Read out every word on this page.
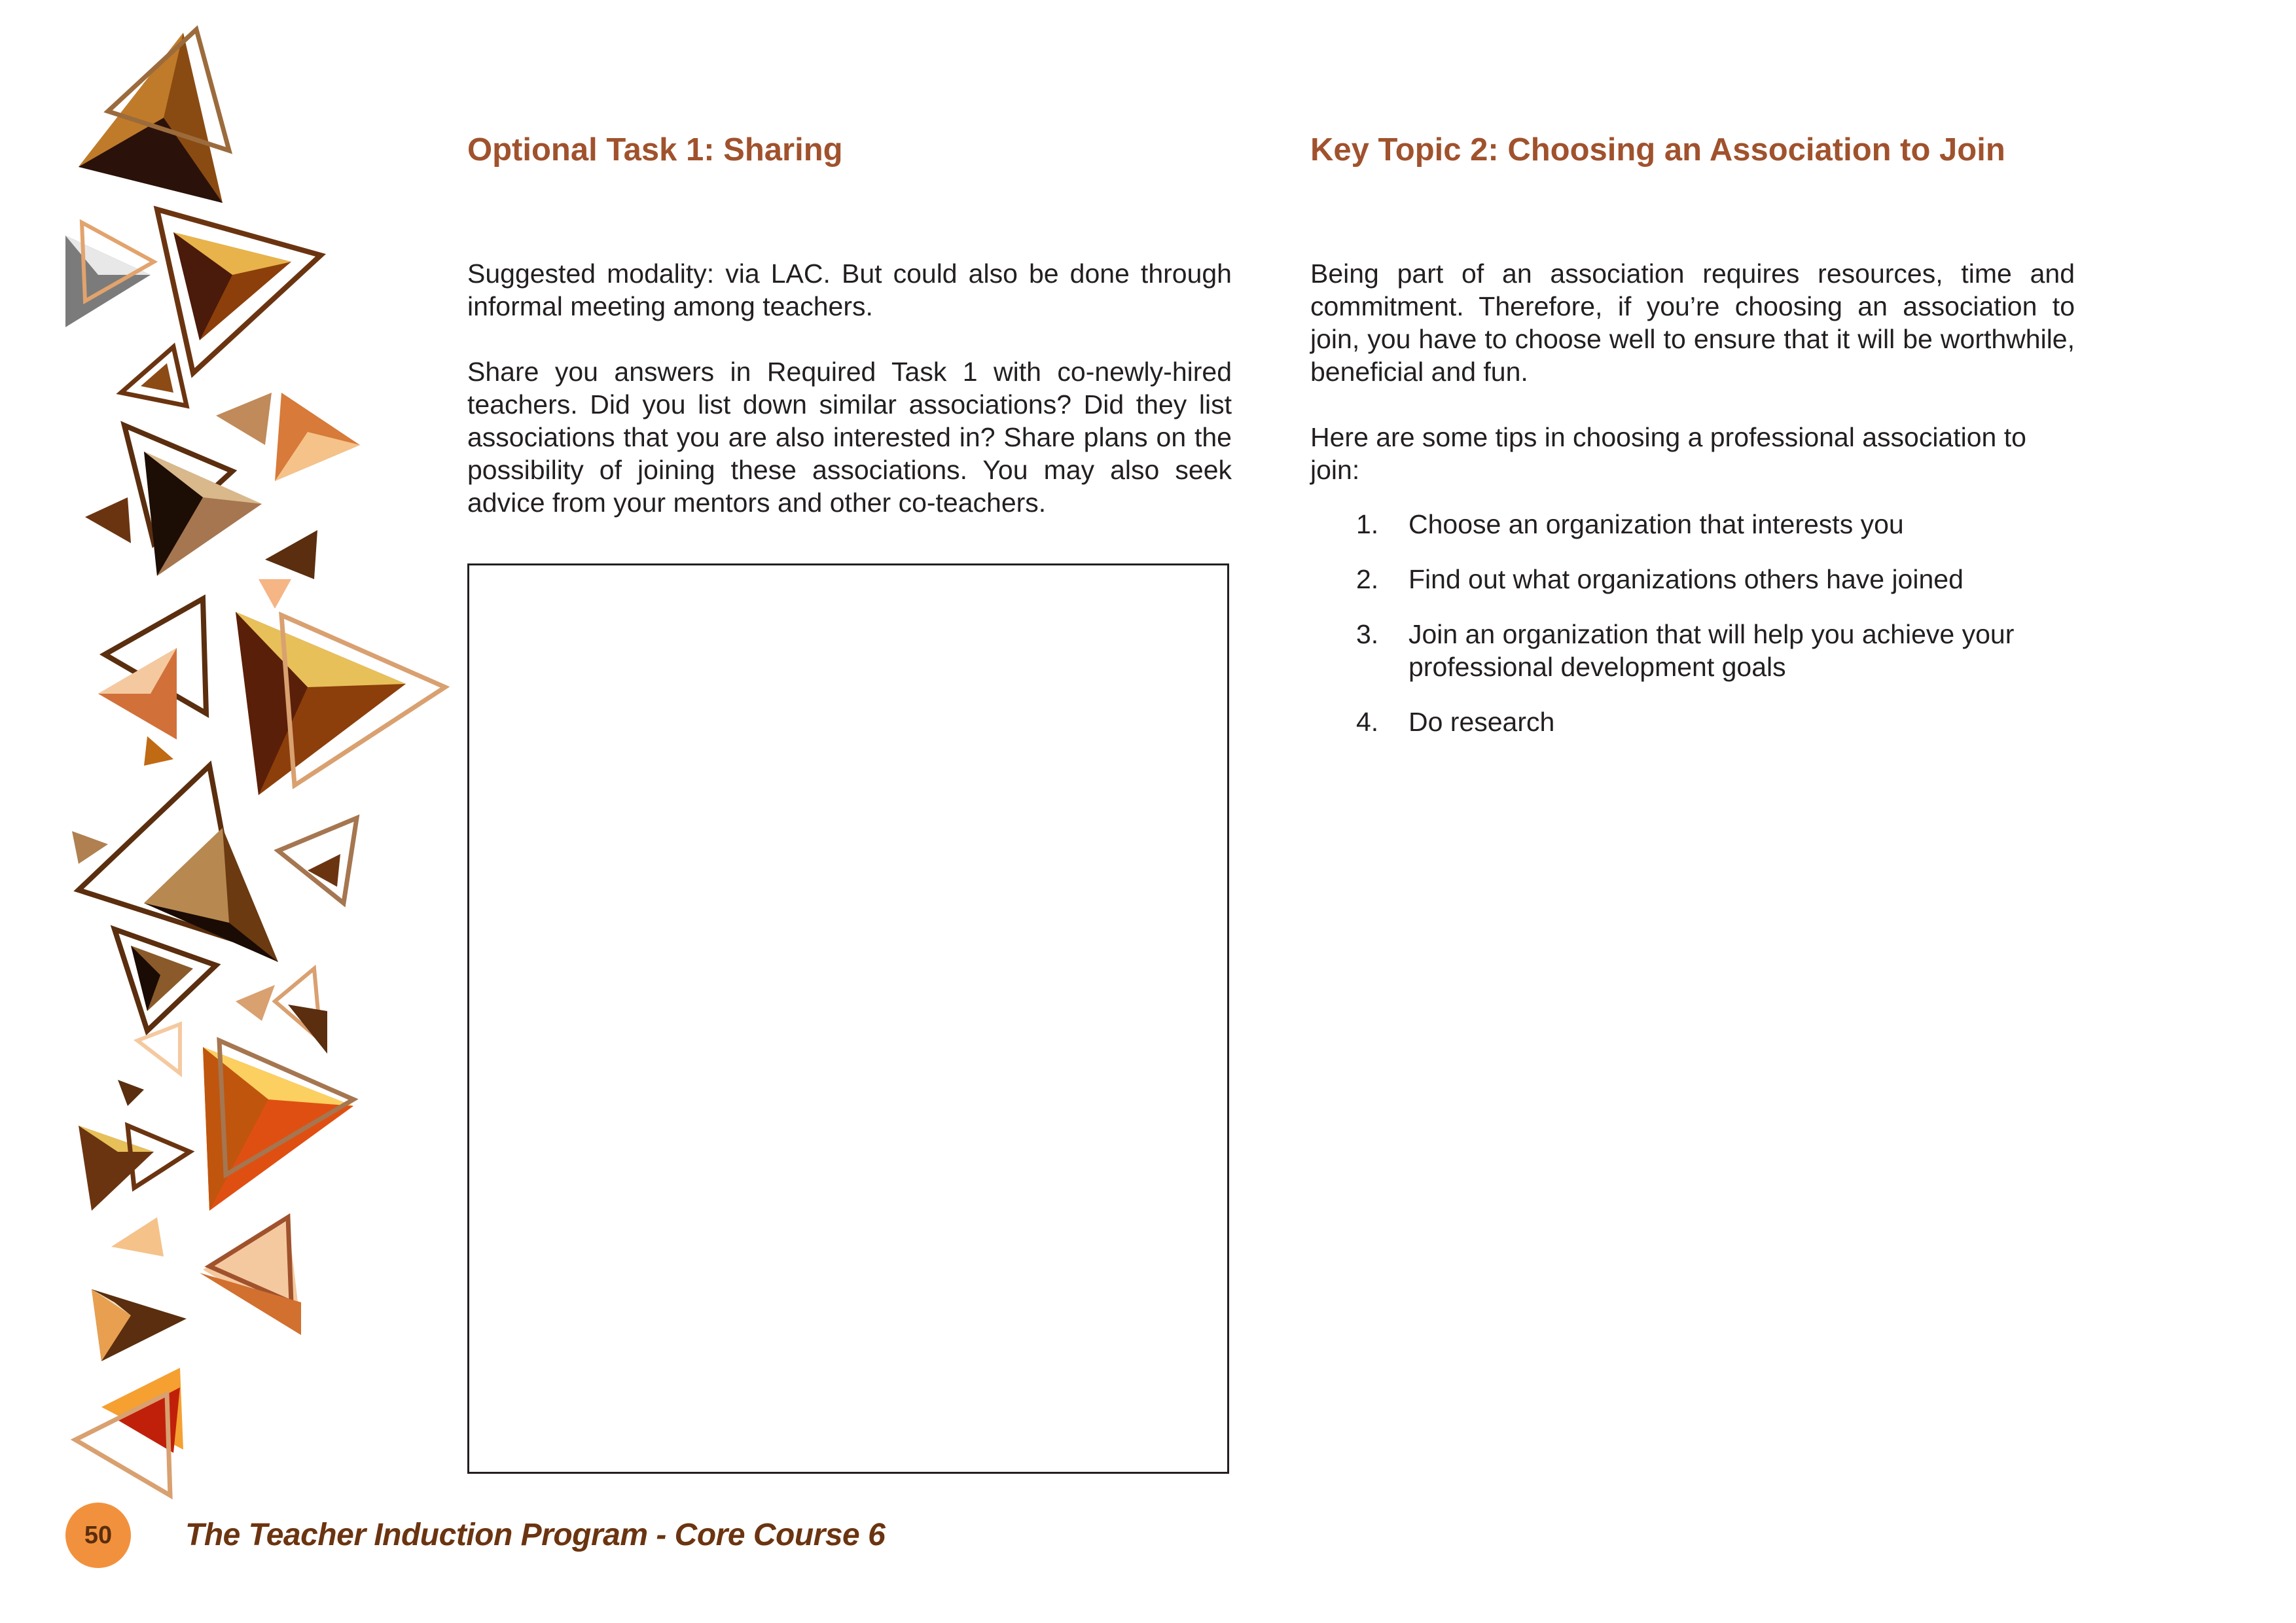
Optional Task 1: Sharing

Suggested modality: via LAC. But could also be done through informal meeting among teachers.

Share you answers in Required Task 1 with co-newly-hired teachers. Did you list down similar associations? Did they list associations that you are also interested in? Share plans on the possibility of joining these associations. You may also seek advice from your mentors and other co-teachers.

Key Topic 2: Choosing an Association to Join

Being part of an association requires resources, time and commitment. Therefore, if you’re choosing an association to join, you have to choose well to ensure that it will be worthwhile, beneficial and fun.

Here are some tips in choosing a professional association to join:

1. Choose an organization that interests you
2. Find out what organizations others have joined
3. Join an organization that will help you achieve your professional development goals
4. Do research
50 The Teacher Induction Program - Core Course 6
